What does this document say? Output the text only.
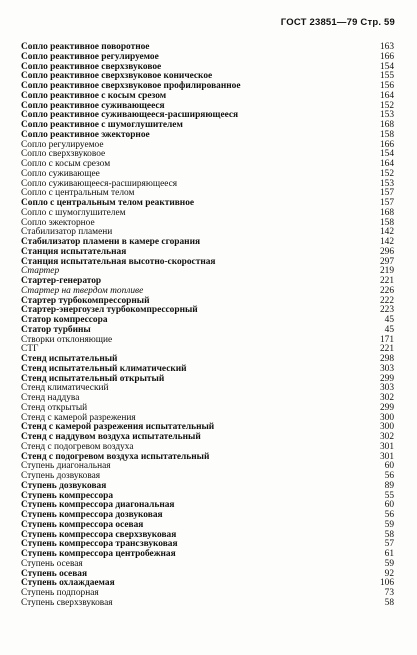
ГОСТ 23851—79 Стр. 59
Сопло реактивное поворотное	163
Сопло реактивное регулируемое	166
Сопло реактивное сверхзвуковое	154
Сопло реактивное сверхзвуковое коническое	155
Сопло реактивное сверхзвуковое профилированное	156
Сопло реактивное с косым срезом	164
Сопло реактивное суживающееся	152
Сопло реактивное суживающееся-расширяющееся	153
Сопло реактивное с шумоглушителем	168
Сопло реактивное эжекторное	158
Сопло регулируемое	166
Сопло сверхзвуковое	154
Сопло с косым срезом	164
Сопло суживающее	152
Сопло суживающееся-расширяющееся	153
Сопло с центральным телом	157
Сопло с центральным телом реактивное	157
Сопло с шумоглушителем	168
Сопло эжекторное	158
Стабилизатор пламени	142
Стабилизатор пламени в камере сгорания	142
Станция испытательная	296
Станция испытательная высотно-скоростная	297
Стартер	219
Стартер-генератор	221
Стартер на твердом топливе	226
Стартер турбокомпрессорный	222
Стартер-энергоузел турбокомпрессорный	223
Статор компрессора	45
Статор турбины	45
Створки отклоняющие	171
СТГ	221
Стенд испытательный	298
Стенд испытательный климатический	303
Стенд испытательный открытый	299
Стенд климатический	303
Стенд наддува	302
Стенд открытый	299
Стенд с камерой разрежения	300
Стенд с камерой разрежения испытательный	300
Стенд с наддувом воздуха испытательный	302
Стенд с подогревом воздуха	301
Стенд с подогревом воздуха испытательный	301
Ступень диагональная	60
Ступень дозвуковая	56
Ступень дозвуковая	89
Ступень компрессора	55
Ступень компрессора диагональная	60
Ступень компрессора дозвуковая	56
Ступень компрессора осевая	59
Ступень компрессора сверхзвуковая	58
Ступень компрессора трансзвуковая	57
Ступень компрессора центробежная	61
Ступень осевая	59
Ступень осевая	92
Ступень охлаждаемая	106
Ступень подпорная	73
Ступень сверхзвуковая	58
